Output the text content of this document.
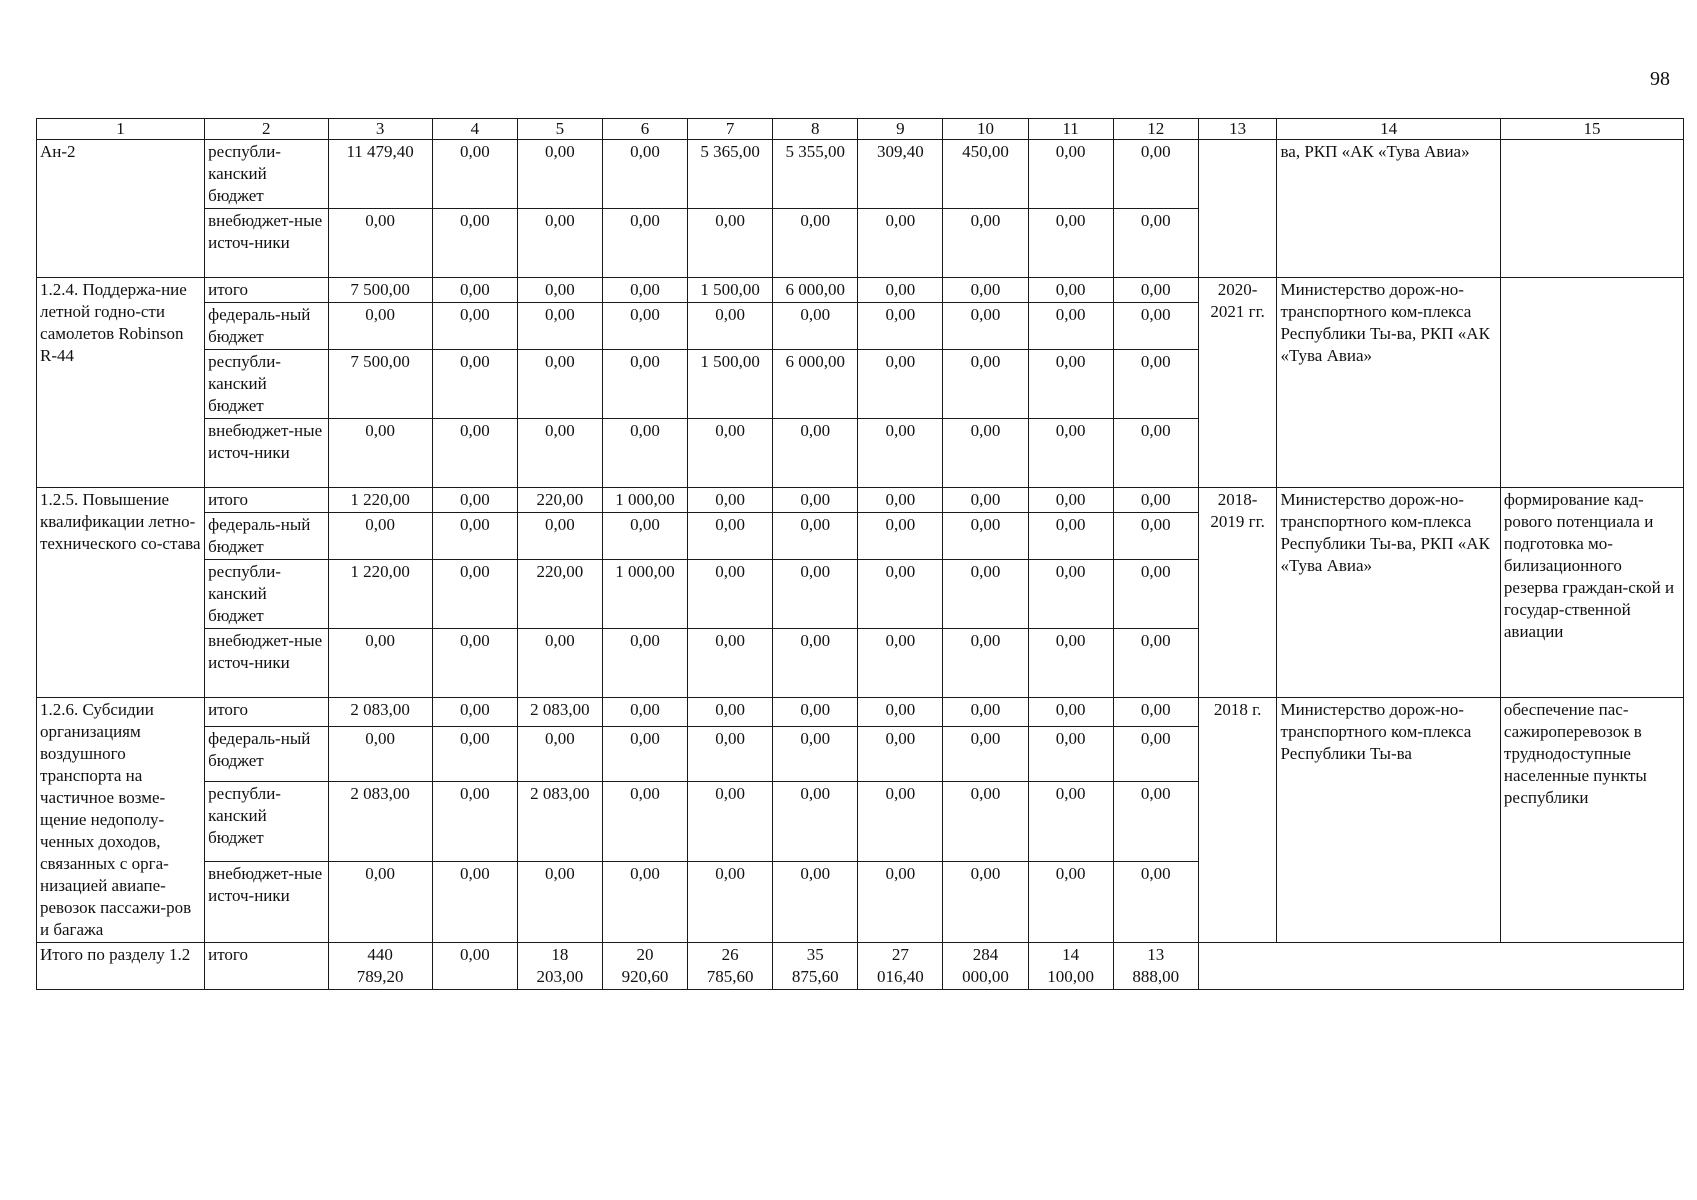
98
1	2	3	4	5	6	7	8	9	10	11	12	13	14	15
Ан-2	республи-канский бюджет	11 479,40	0,00	0,00	0,00	5 365,00	5 355,00	309,40	450,00	0,00	0,00		ва, РКП «АК «Тува Авиа»	
	внебюджет-ные источ-ники	0,00	0,00	0,00	0,00	0,00	0,00	0,00	0,00	0,00	0,00			
1.2.4. Поддержа-ние летной годно-сти самолетов Robinson R-44	итого	7 500,00	0,00	0,00	0,00	1 500,00	6 000,00	0,00	0,00	0,00	0,00	2020-2021 гг.	Министерство дорож-но-транспортного ком-плекса Республики Ты-ва, РКП «АК «Тува Авиа»	
	федераль-ный бюджет	0,00	0,00	0,00	0,00	0,00	0,00	0,00	0,00	0,00	0,00			
	республи-канский бюджет	7 500,00	0,00	0,00	0,00	1 500,00	6 000,00	0,00	0,00	0,00	0,00			
	внебюджет-ные источ-ники	0,00	0,00	0,00	0,00	0,00	0,00	0,00	0,00	0,00	0,00			
1.2.5. Повышение квалификации летно-технического со-става	итого	1 220,00	0,00	220,00	1 000,00	0,00	0,00	0,00	0,00	0,00	0,00	2018-2019 гг.	Министерство дорож-но-транспортного ком-плекса Республики Ты-ва, РКП «АК «Тува Авиа»	формирование кад-рового потенциала и подготовка мо-билизационного резерва граждан-ской и государ-ственной авиации
	федераль-ный бюджет	0,00	0,00	0,00	0,00	0,00	0,00	0,00	0,00	0,00	0,00			
	республи-канский бюджет	1 220,00	0,00	220,00	1 000,00	0,00	0,00	0,00	0,00	0,00	0,00			
	внебюджет-ные источ-ники	0,00	0,00	0,00	0,00	0,00	0,00	0,00	0,00	0,00	0,00			
1.2.6. Субсидии организациям воздушного транспорта на частичное возме-щение недополу-ченных доходов, связанных с орга-низацией авиапе-ревозок пассажи-ров и багажа	итого	2 083,00	0,00	2 083,00	0,00	0,00	0,00	0,00	0,00	0,00	0,00	2018 г.	Министерство дорож-но-транспортного ком-плекса Республики Ты-ва	обеспечение пас-сажироперевозок в труднодоступные населенные пункты республики
	федераль-ный бюджет	0,00	0,00	0,00	0,00	0,00	0,00	0,00	0,00	0,00	0,00			
	республи-канский бюджет	2 083,00	0,00	2 083,00	0,00	0,00	0,00	0,00	0,00	0,00	0,00			
	внебюджет-ные источ-ники	0,00	0,00	0,00	0,00	0,00	0,00	0,00	0,00	0,00	0,00			
Итого по разделу 1.2	итого	440 789,20	0,00	18 203,00	20 920,60	26 785,60	35 875,60	27 016,40	284 000,00	14 100,00	13 888,00			
